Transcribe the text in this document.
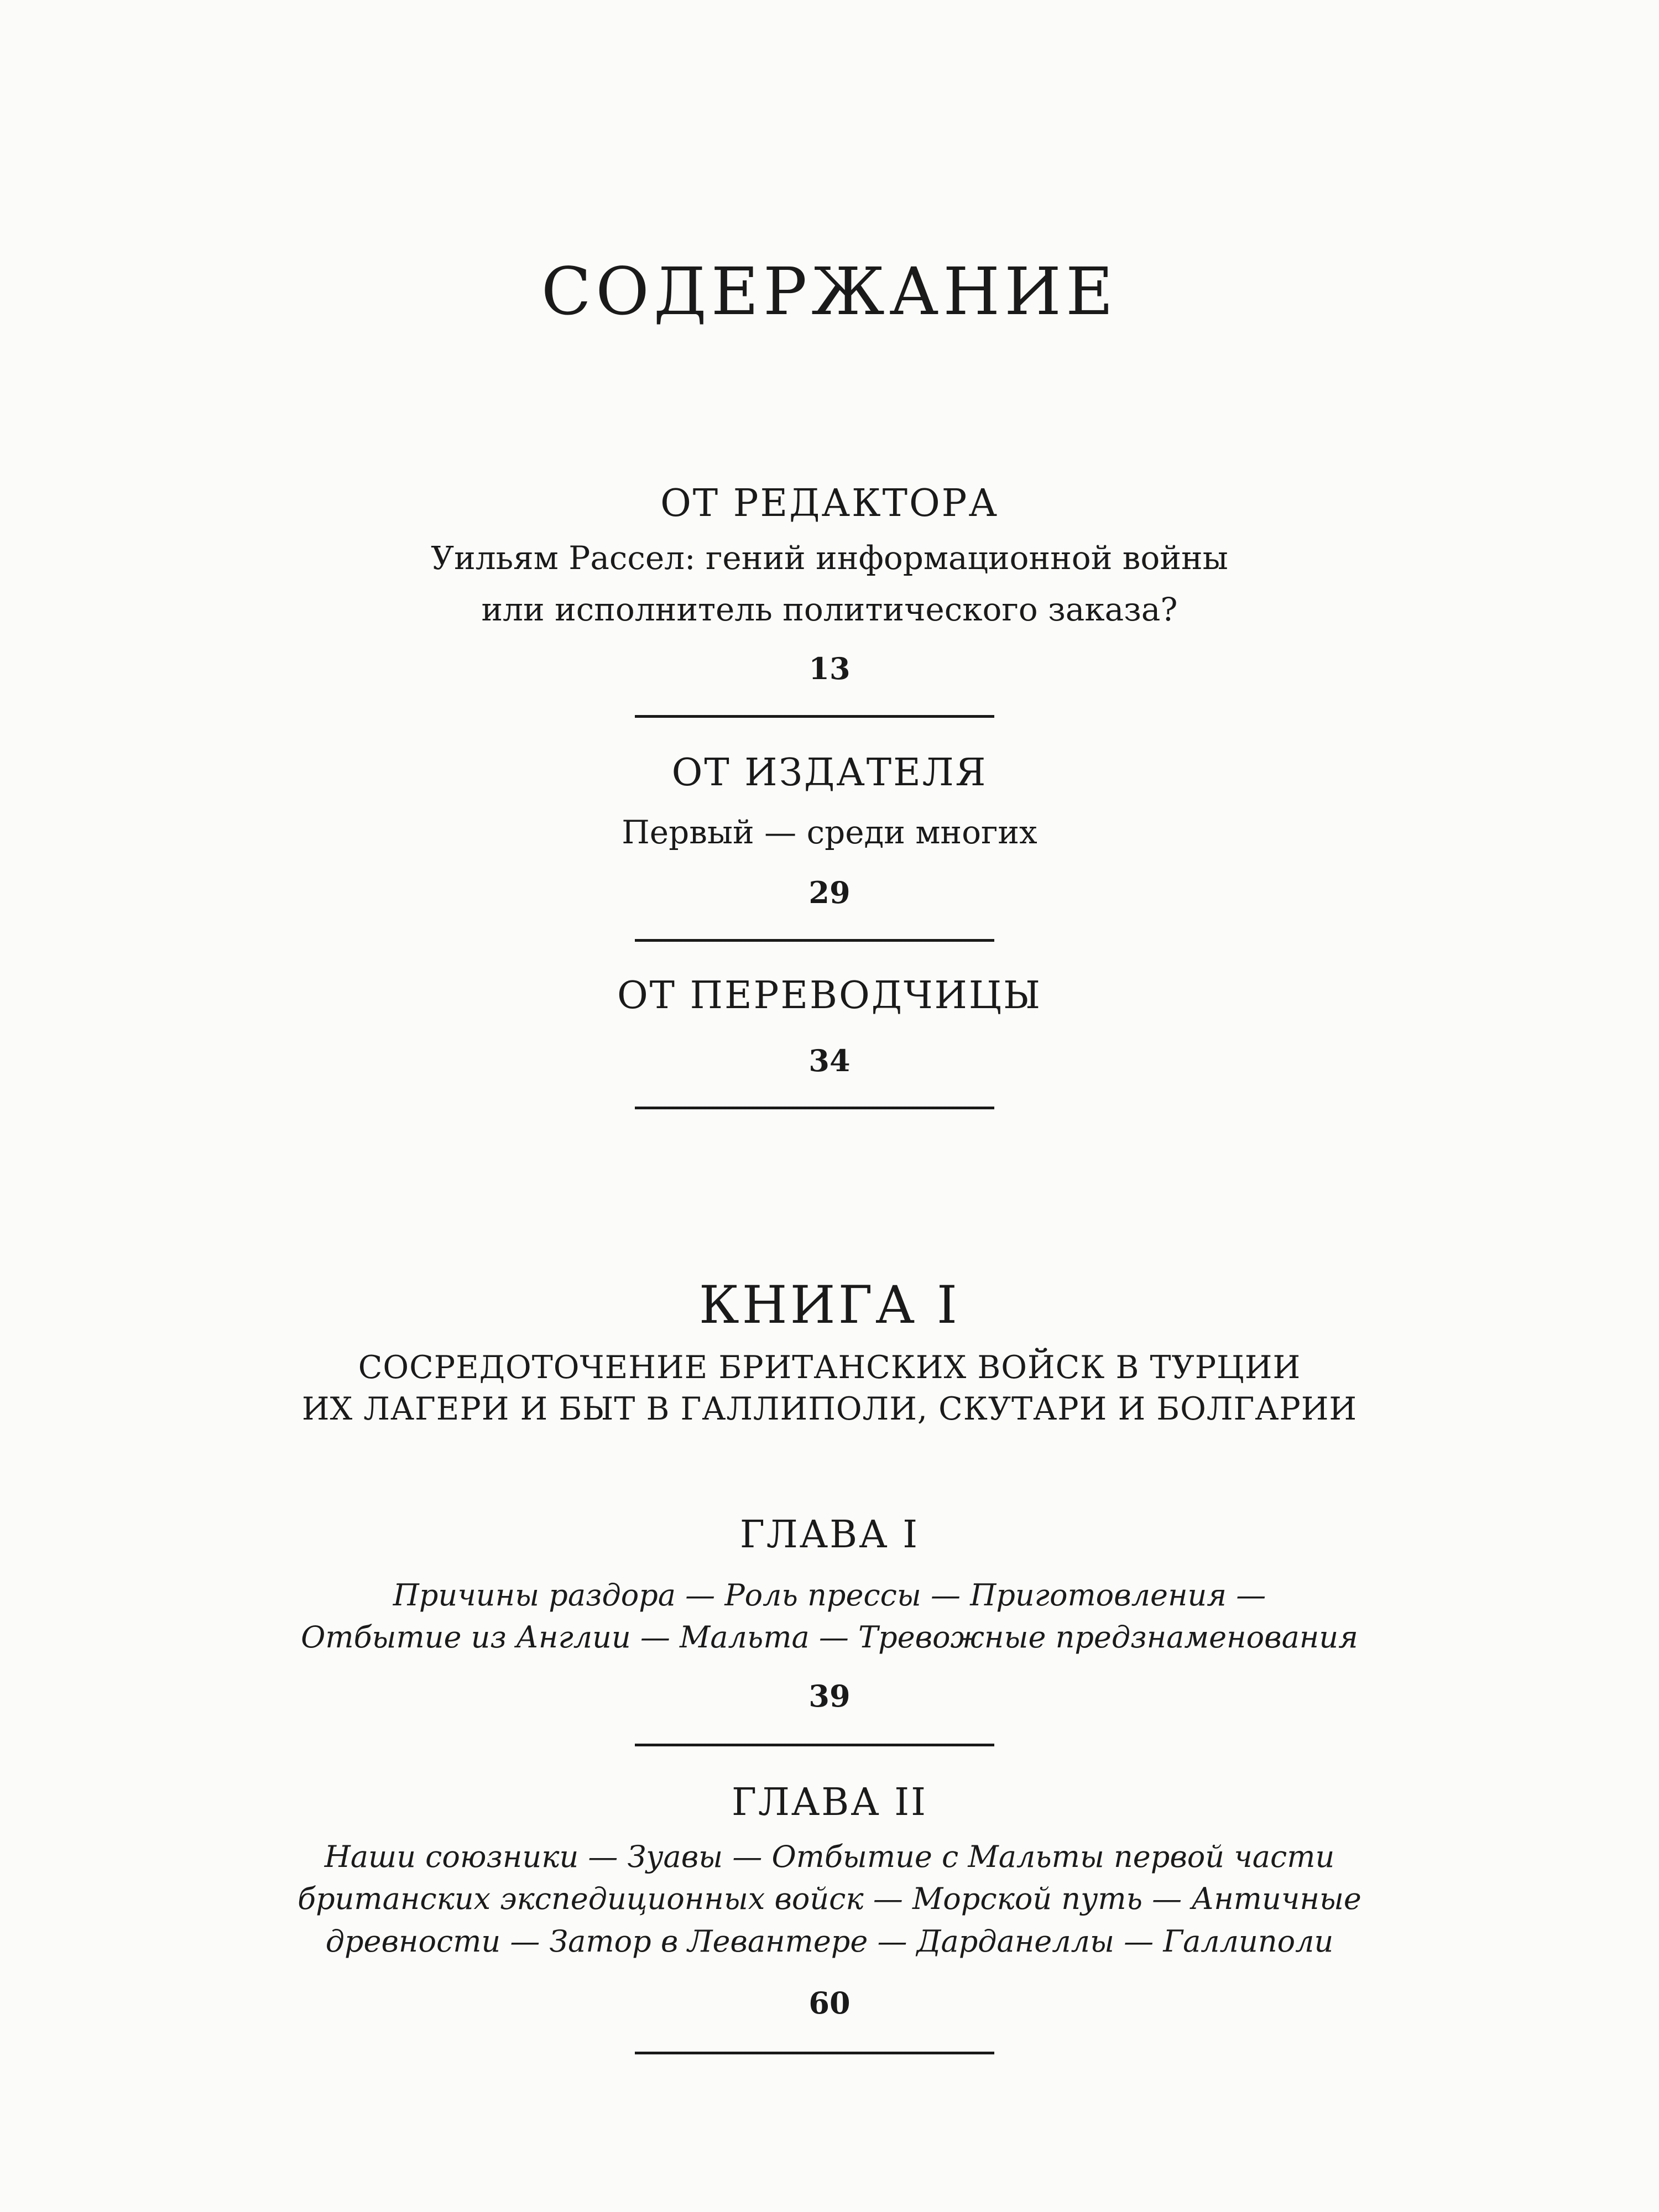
СОДЕРЖАНИЕ
ОТ РЕДАКТОРА
Уильям Рассел: гений информационной войны
или исполнитель политического заказа?
13
ОТ ИЗДАТЕЛЯ
Первый — среди многих
29
ОТ ПЕРЕВОДЧИЦЫ
34
КНИГА I
СОСРЕДОТОЧЕНИЕ БРИТАНСКИХ ВОЙСК В ТУРЦИИ
ИХ ЛАГЕРИ И БЫТ В ГАЛЛИПОЛИ, СКУТАРИ И БОЛГАРИИ
ГЛАВА I
Причины раздора — Роль прессы — Приготовления —
Отбытие из Англии — Мальта — Тревожные предзнаменования
39
ГЛАВА II
Наши союзники — Зуавы — Отбытие с Мальты первой части
британских экспедиционных войск — Морской путь — Античные
древности — Затор в Левантере — Дарданеллы — Галлиполи
60
